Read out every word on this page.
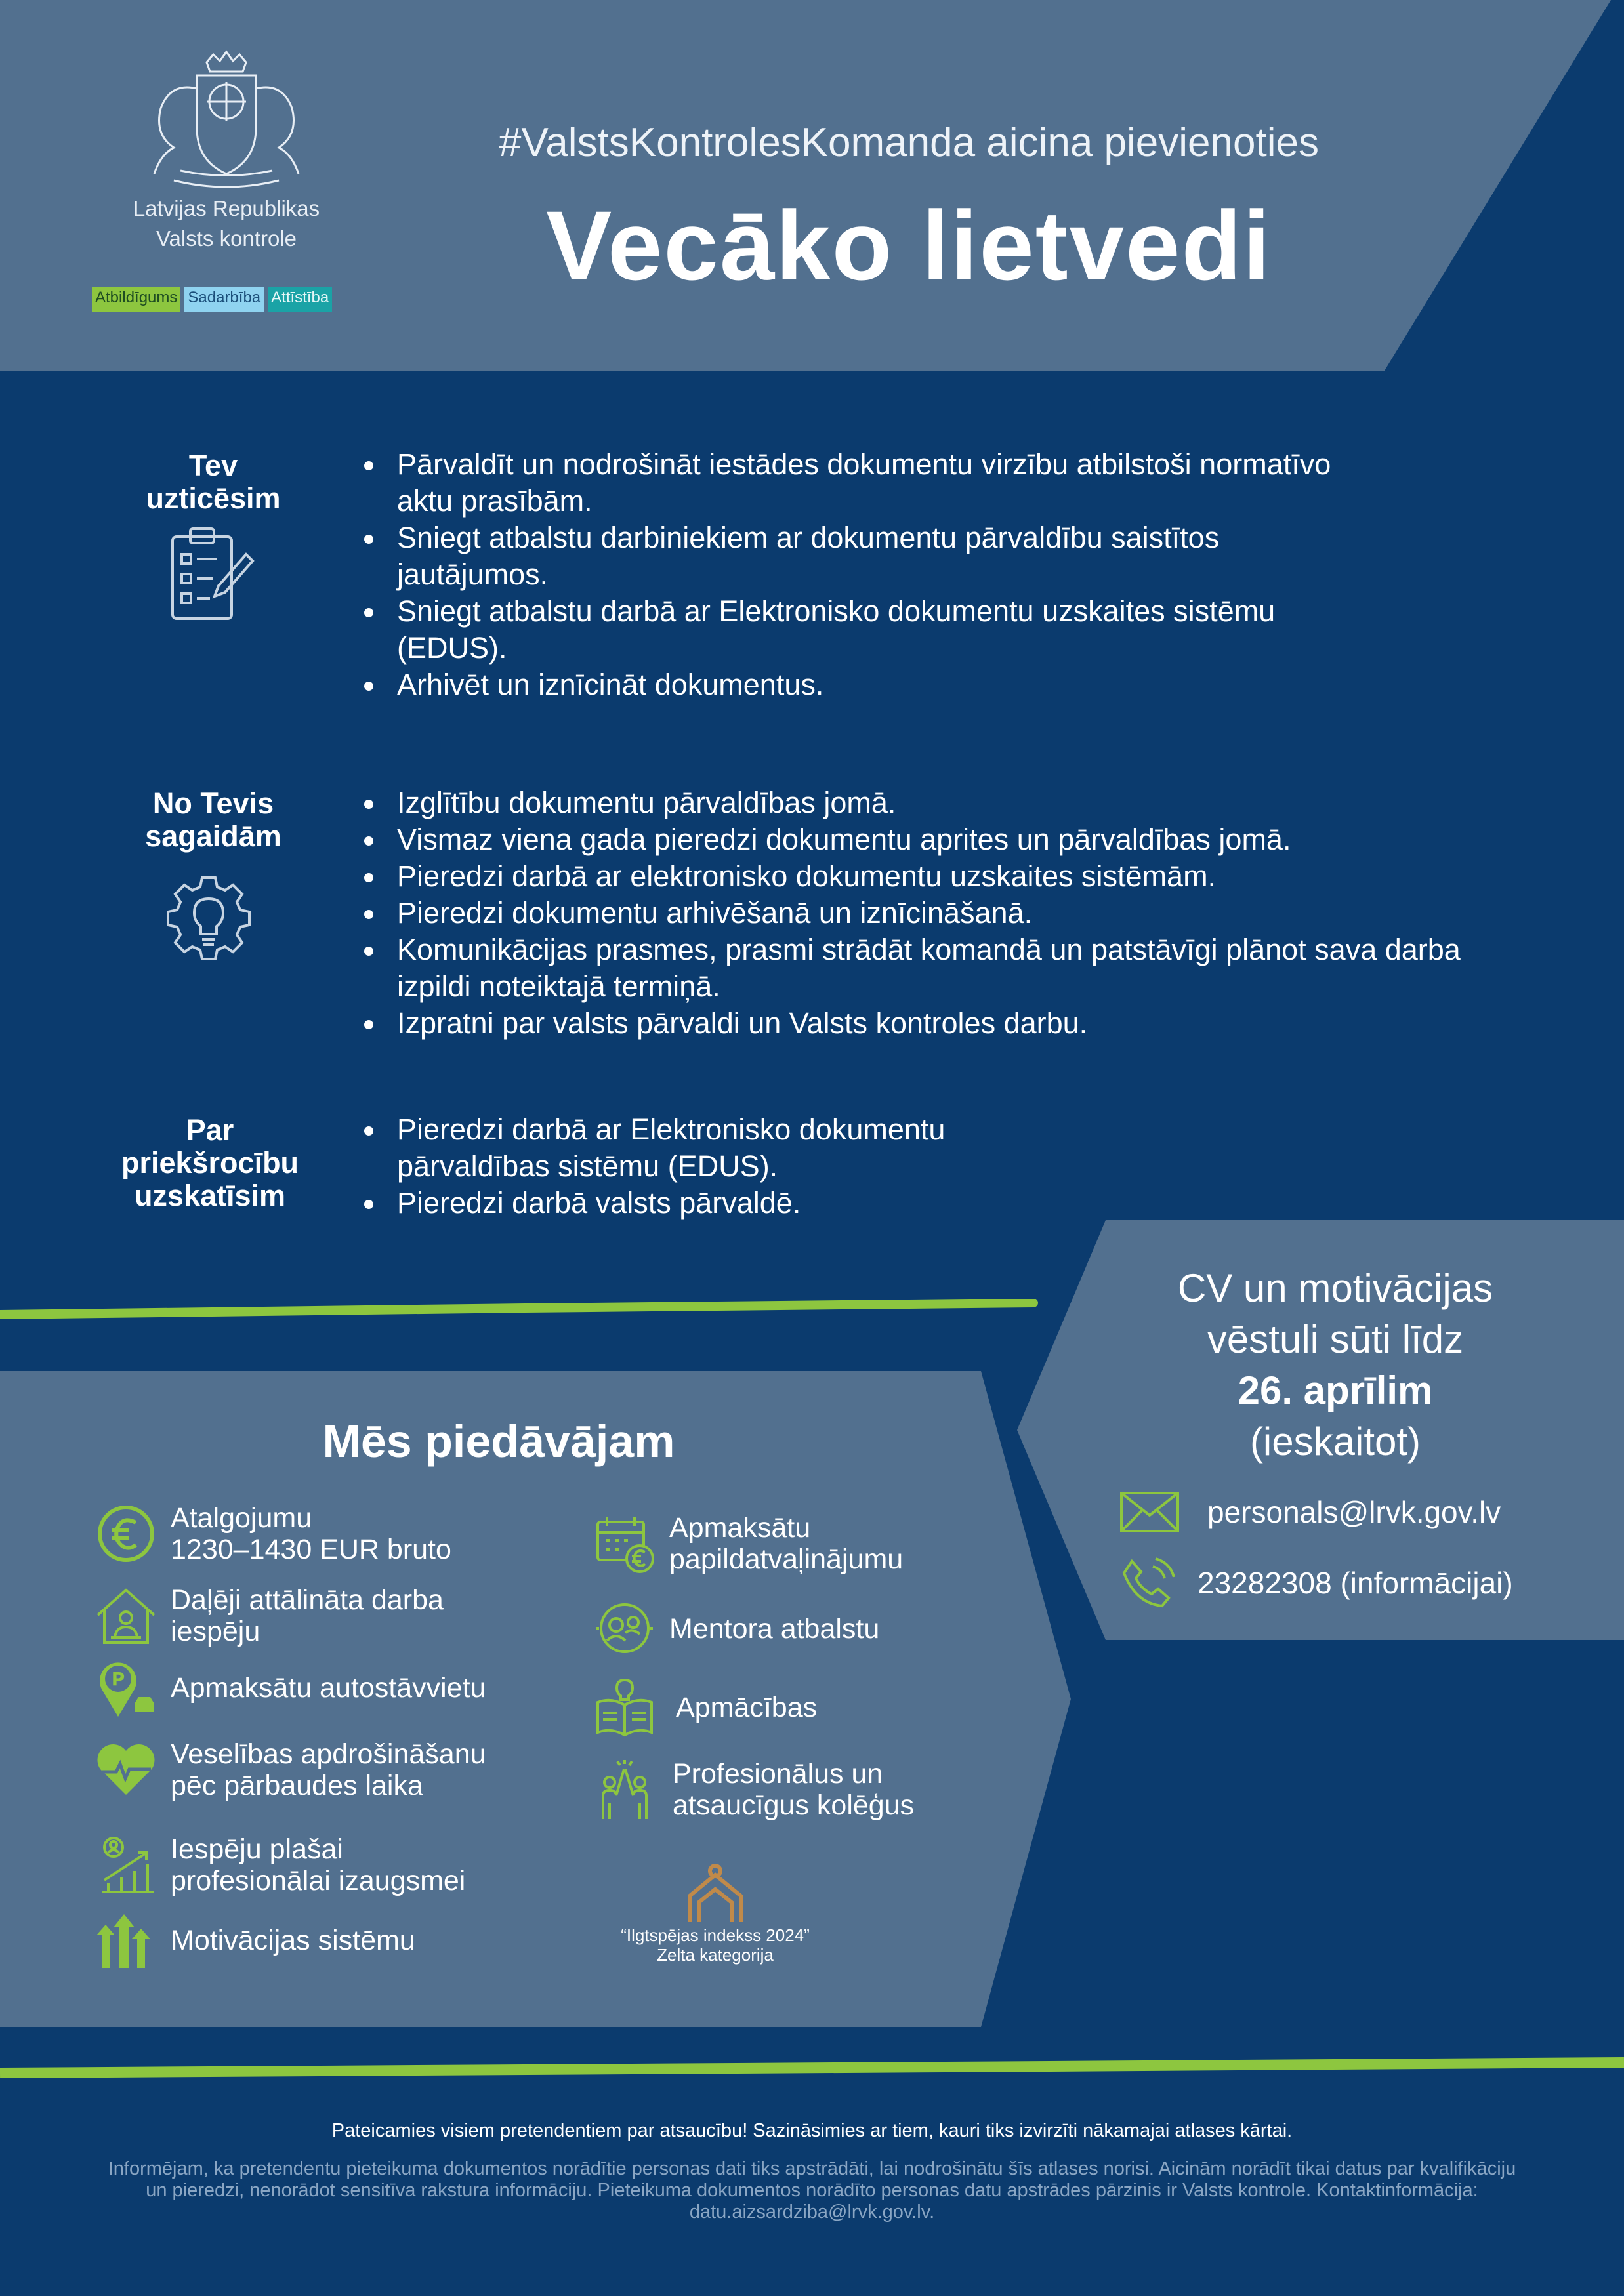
Latvijas Republikas
Valsts kontrole
Atbildīgums Sadarbība Attīstība
#ValstsKontrolesKomanda aicina pievienoties
Vecāko lietvedi
Tev
uzticēsim
Pārvaldīt un nodrošināt iestādes dokumentu virzību atbilstoši normatīvo aktu prasībām.
Sniegt atbalstu darbiniekiem ar dokumentu pārvaldību saistītos jautājumos.
Sniegt atbalstu darbā ar Elektronisko dokumentu uzskaites sistēmu (EDUS).
Arhivēt un iznīcināt dokumentus.
No Tevis
sagaidām
Izglītību dokumentu pārvaldības jomā.
Vismaz viena gada pieredzi dokumentu aprites un pārvaldības jomā.
Pieredzi darbā ar elektronisko dokumentu uzskaites sistēmām.
Pieredzi dokumentu arhivēšanā un iznīcināšanā.
Komunikācijas prasmes, prasmi strādāt komandā un patstāvīgi plānot sava darba izpildi noteiktajā termiņā.
Izpratni par valsts pārvaldi un Valsts kontroles darbu.
Par
priekšrocību
uzskatīsim
Pieredzi darbā ar Elektronisko dokumentu pārvaldības sistēmu (EDUS).
Pieredzi darbā valsts pārvaldē.
CV un motivācijas
vēstuli sūti līdz
26. aprīlim
(ieskaitot)
personals@lrvk.gov.lv
23282308 (informācijai)
Mēs piedāvājam
Atalgojumu
1230–1430 EUR bruto
Daļēji attālināta darba
iespēju
P Apmaksātu autostāvvietu
Veselības apdrošināšanu
pēc pārbaudes laika
Iespēju plašai
profesionālai izaugsmei
Motivācijas sistēmu
Apmaksātu
papildatvaļinājumu
Mentora atbalstu
Apmācības
Profesionālus un
atsaucīgus kolēģus
“Ilgtspējas indekss 2024”
Zelta kategorija
Pateicamies visiem pretendentiem par atsaucību! Sazināsimies ar tiem, kauri tiks izvirzīti nākamajai atlases kārtai.
Informējam, ka pretendentu pieteikuma dokumentos norādītie personas dati tiks apstrādāti, lai nodrošinātu šīs atlases norisi. Aicinām norādīt tikai datus par kvalifikāciju un pieredzi, nenorādot sensitīva rakstura informāciju. Pieteikuma dokumentos norādīto personas datu apstrādes pārzinis ir Valsts kontrole. Kontaktinformācija: datu.aizsardziba@lrvk.gov.lv.
